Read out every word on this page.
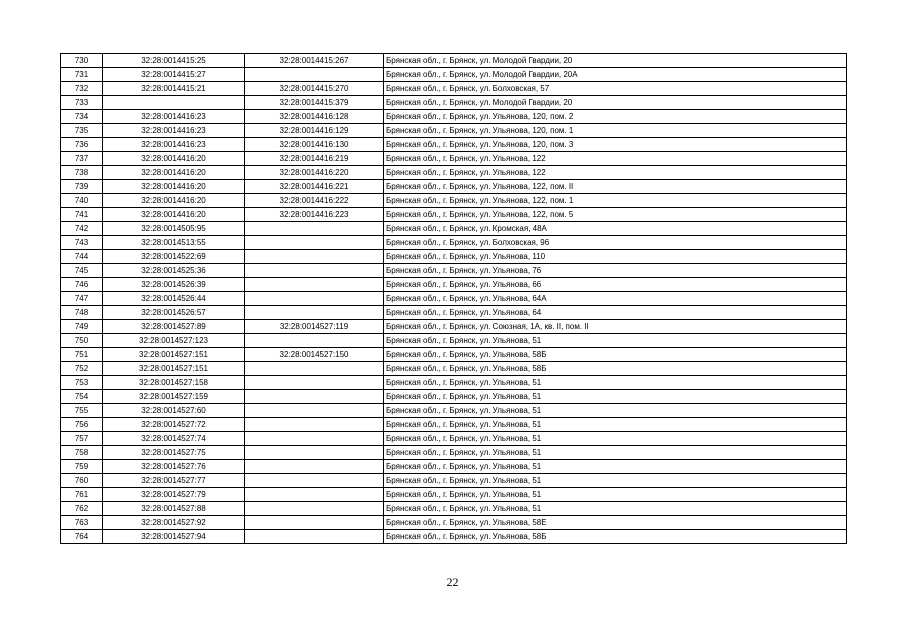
730	32:28:0014415:25	32:28:0014415:267	Брянская обл., г. Брянск, ул. Молодой Гвардии, 20
731	32:28:0014415:27		Брянская обл., г. Брянск, ул. Молодой Гвардии, 20А
732	32:28:0014415:21	32:28:0014415:270	Брянская обл., г. Брянск, ул. Болховская, 57
733		32:28:0014415:379	Брянская обл., г. Брянск, ул. Молодой Гвардии, 20
734	32:28:0014416:23	32:28:0014416:128	Брянская обл., г. Брянск, ул. Ульянова, 120, пом. 2
735	32:28:0014416:23	32:28:0014416:129	Брянская обл., г. Брянск, ул. Ульянова, 120, пом. 1
736	32:28:0014416:23	32:28:0014416:130	Брянская обл., г. Брянск, ул. Ульянова, 120, пом. 3
737	32:28:0014416:20	32:28:0014416:219	Брянская обл., г. Брянск, ул. Ульянова, 122
738	32:28:0014416:20	32:28:0014416:220	Брянская обл., г. Брянск, ул. Ульянова, 122
739	32:28:0014416:20	32:28:0014416:221	Брянская обл., г. Брянск, ул. Ульянова, 122, пом. II
740	32:28:0014416:20	32:28:0014416:222	Брянская обл., г. Брянск, ул. Ульянова, 122, пом. 1
741	32:28:0014416:20	32:28:0014416:223	Брянская обл., г. Брянск, ул. Ульянова, 122, пом. 5
742	32:28:0014505:95		Брянская обл., г. Брянск, ул. Кромская, 48А
743	32:28:0014513:55		Брянская обл., г. Брянск, ул. Болховская, 96
744	32:28:0014522:69		Брянская обл., г. Брянск, ул. Ульянова, 110
745	32:28:0014525:36		Брянская обл., г. Брянск, ул. Ульянова, 76
746	32:28:0014526:39		Брянская обл., г. Брянск, ул. Ульянова, 66
747	32:28:0014526:44		Брянская обл., г. Брянск, ул. Ульянова, 64А
748	32:28:0014526:57		Брянская обл., г. Брянск, ул. Ульянова, 64
749	32:28:0014527:89	32:28:0014527:119	Брянская обл., г. Брянск, ул. Союзная, 1А, кв. II, пом. II
750	32:28:0014527:123		Брянская обл., г. Брянск, ул. Ульянова, 51
751	32:28:0014527:151	32:28:0014527:150	Брянская обл., г. Брянск, ул. Ульянова, 58Б
752	32:28:0014527:151		Брянская обл., г. Брянск, ул. Ульянова, 58Б
753	32:28:0014527:158		Брянская обл., г. Брянск, ул. Ульянова, 51
754	32:28:0014527:159		Брянская обл., г. Брянск, ул. Ульянова, 51
755	32:28:0014527:60		Брянская обл., г. Брянск, ул. Ульянова, 51
756	32:28:0014527:72		Брянская обл., г. Брянск, ул. Ульянова, 51
757	32:28:0014527:74		Брянская обл., г. Брянск, ул. Ульянова, 51
758	32:28:0014527:75		Брянская обл., г. Брянск, ул. Ульянова, 51
759	32:28:0014527:76		Брянская обл., г. Брянск, ул. Ульянова, 51
760	32:28:0014527:77		Брянская обл., г. Брянск, ул. Ульянова, 51
761	32:28:0014527:79		Брянская обл., г. Брянск, ул. Ульянова, 51
762	32:28:0014527:88		Брянская обл., г. Брянск, ул. Ульянова, 51
763	32:28:0014527:92		Брянская обл., г. Брянск, ул. Ульянова, 58Е
764	32:28:0014527:94		Брянская обл., г. Брянск, ул. Ульянова, 58Б
22
